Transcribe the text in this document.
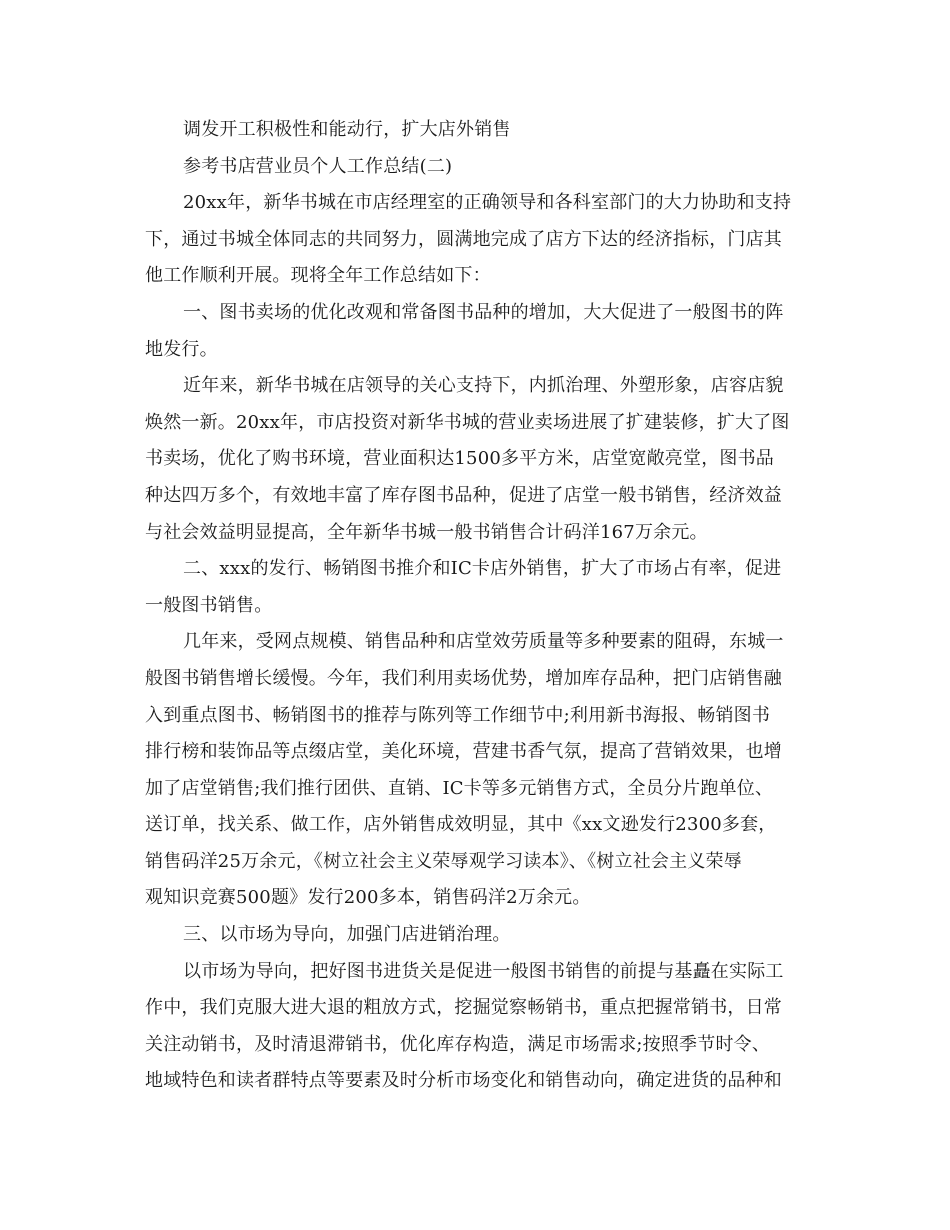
调发开工积极性和能动行，扩大店外销售
参考书店营业员个人工作总结(二)
20xx年，新华书城在市店经理室的正确领导和各科室部门的大力协助和支持
下，通过书城全体同志的共同努力，圆满地完成了店方下达的经济指标，门店其
他工作顺利开展。现将全年工作总结如下：
一、图书卖场的优化改观和常备图书品种的增加，大大促进了一般图书的阵
地发行。
近年来，新华书城在店领导的关心支持下，内抓治理、外塑形象，店容店貌
焕然一新。20xx年，市店投资对新华书城的营业卖场进展了扩建装修，扩大了图
书卖场，优化了购书环境，营业面积达1500多平方米，店堂宽敞亮堂，图书品
种达四万多个，有效地丰富了库存图书品种，促进了店堂一般书销售，经济效益
与社会效益明显提高，全年新华书城一般书销售合计码洋167万余元。
二、xxx的发行、畅销图书推介和IC卡店外销售，扩大了市场占有率，促进
一般图书销售。
几年来，受网点规模、销售品种和店堂效劳质量等多种要素的阻碍，东城一
般图书销售增长缓慢。今年，我们利用卖场优势，增加库存品种，把门店销售融
入到重点图书、畅销图书的推荐与陈列等工作细节中;利用新书海报、畅销图书
排行榜和装饰品等点缀店堂，美化环境，营建书香气氛，提高了营销效果，也增
加了店堂销售;我们推行团供、直销、IC卡等多元销售方式，全员分片跑单位、
送订单，找关系、做工作，店外销售成效明显，其中《xx文逊发行2300多套，
销售码洋25万余元，《树立社会主义荣辱观学习读本》、《树立社会主义荣辱
观知识竞赛500题》发行200多本，销售码洋2万余元。
三、以市场为导向，加强门店进销治理。
以市场为导向，把好图书进货关是促进一般图书销售的前提与基矗在实际工
作中，我们克服大进大退的粗放方式，挖掘觉察畅销书，重点把握常销书，日常
关注动销书，及时清退滞销书，优化库存构造，满足市场需求;按照季节时令、
地域特色和读者群特点等要素及时分析市场变化和销售动向，确定进货的品种和
